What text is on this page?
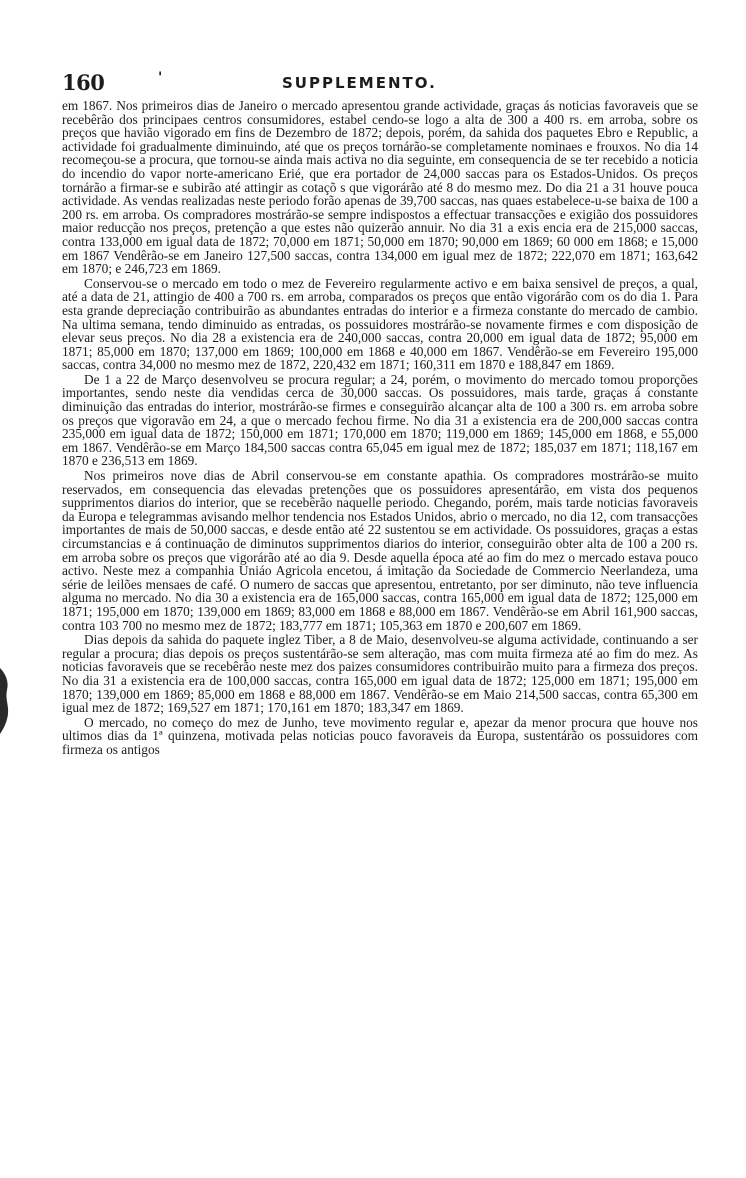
160	'	SUPPLEMENTO.

em 1867. Nos primeiros dias de Janeiro o mercado apresentou grande actividade, graças ás noticias favoraveis que se recebêrão dos principaes centros consumidores, estabel cendo-se logo a alta de 300 a 400 rs. em arroba, sobre os preços que havião vigorado em fins de Dezembro de 1872; depois, porém, da sahida dos paquetes Ebro e Republic, a actividade foi gradualmente diminuindo, até que os preços tornárão-se completamente nominaes e frouxos. No dia 14 recomeçou-se a procura, que tornou-se ainda mais activa no dia seguinte, em consequencia de se ter recebido a noticia do incendio do vapor norte-americano Erié, que era portador de 24,000 saccas para os Estados-Unidos. Os preços tornárão a firmar-se e subirão até attingir as cotaçõ s que vigorárão até 8 do mesmo mez. Do dia 21 a 31 houve pouca actividade. As vendas realizadas neste periodo forão apenas de 39,700 saccas, nas quaes estabelece-u-se baixa de 100 a 200 rs. em arroba. Os compradores mostrárão-se sempre indispostos a effectuar transacções e exigião dos possuidores maior reducção nos preços, pretenção a que estes não quizerão annuir. No dia 31 a exis encia era de 215,000 saccas, contra 133,000 em igual data de 1872; 70,000 em 1871; 50,000 em 1870; 90,000 em 1869; 60 000 em 1868; e 15,000 em 1867 Vendêrão-se em Janeiro 127,500 saccas, contra 134,000 em igual mez de 1872; 222,070 em 1871; 163,642 em 1870; e 246,723 em 1869.

Conservou-se o mercado em todo o mez de Fevereiro regularmente activo e em baixa sensivel de preços, a qual, até a data de 21, attingio de 400 a 700 rs. em arroba, comparados os preços que então vigorárão com os do dia 1. Para esta grande depreciação contribuirão as abundantes entradas do interior e a firmeza constante do mercado de cambio. Na ultima semana, tendo diminuido as entradas, os possuidores mostrárão-se novamente firmes e com disposição de elevar seus preços. No dia 28 a existencia era de 240,000 saccas, contra 20,000 em igual data de 1872; 95,000 em 1871; 85,000 em 1870; 137,000 em 1869; 100,000 em 1868 e 40,000 em 1867. Vendêrão-se em Fevereiro 195,000 saccas, contra 34,000 no mesmo mez de 1872, 220,432 em 1871; 160,311 em 1870 e 188,847 em 1869.

De 1 a 22 de Março desenvolveu se procura regular; a 24, porém, o movimento do mercado tomou proporções importantes, sendo neste dia vendidas cerca de 30,000 saccas. Os possuidores, mais tarde, graças á constante diminuição das entradas do interior, mostrárão-se firmes e conseguirão alcançar alta de 100 a 300 rs. em arroba sobre os preços que vigoravão em 24, a que o mercado fechou firme. No dia 31 a existencia era de 200,000 saccas contra 235,000 em igual data de 1872; 150,000 em 1871; 170,000 em 1870; 119,000 em 1869; 145,000 em 1868, e 55,000 em 1867. Vendêrão-se em Março 184,500 saccas contra 65,045 em igual mez de 1872; 185,037 em 1871; 118,167 em 1870 e 236,513 em 1869.

Nos primeiros nove dias de Abril conservou-se em constante apathia. Os compradores mostrárão-se muito reservados, em consequencia das elevadas pretenções que os possuidores apresentárão, em vista dos pequenos supprimentos diarios do interior, que se recebêrão naquelle periodo. Chegando, porém, mais tarde noticias favoraveis da Europa e telegrammas avisando melhor tendencia nos Estados Unidos, abrio o mercado, no dia 12, com transacções importantes de mais de 50,000 saccas, e desde então até 22 sustentou se em actividade. Os possuidores, graças a estas circumstancias e á continuação de diminutos supprimentos diarios do interior, conseguirão obter alta de 100 a 200 rs. em arroba sobre os preços que vigorárão até ao dia 9. Desde aquella época até ao fim do mez o mercado estava pouco activo. Neste mez a companhia Uniáo Agricola encetou, á imitação da Sociedade de Commercio Neerlandeza, uma série de leilões mensaes de café. O numero de saccas que apresentou, entretanto, por ser diminuto, não teve influencia alguma no mercado. No dia 30 a existencia era de 165,000 saccas, contra 165,000 em igual data de 1872; 125,000 em 1871; 195,000 em 1870; 139,000 em 1869; 83,000 em 1868 e 88,000 em 1867. Vendêrão-se em Abril 161,900 saccas, contra 103 700 no mesmo mez de 1872; 183,777 em 1871; 105,363 em 1870 e 200,607 em 1869.

Dias depois da sahida do paquete inglez Tiber, a 8 de Maio, desenvolveu-se alguma actividade, continuando a ser regular a procura; dias depois os preços sustentárão-se sem alteração, mas com muita firmeza até ao fim do mez. As noticias favoraveis que se recebêrão neste mez dos paizes consumidores contribuirão muito para a firmeza dos preços. No dia 31 a existencia era de 100,000 saccas, contra 165,000 em igual data de 1872; 125,000 em 1871; 195,000 em 1870; 139,000 em 1869; 85,000 em 1868 e 88,000 em 1867. Vendêrão-se em Maio 214,500 saccas, contra 65,300 em igual mez de 1872; 169,527 em 1871; 170,161 em 1870; 183,347 em 1869.

O mercado, no começo do mez de Junho, teve movimento regular e, apezar da menor procura que houve nos ultimos dias da 1ª quinzena, motivada pelas noticias pouco favoraveis da Europa, sustentárão os possuidores com firmeza os antigos
